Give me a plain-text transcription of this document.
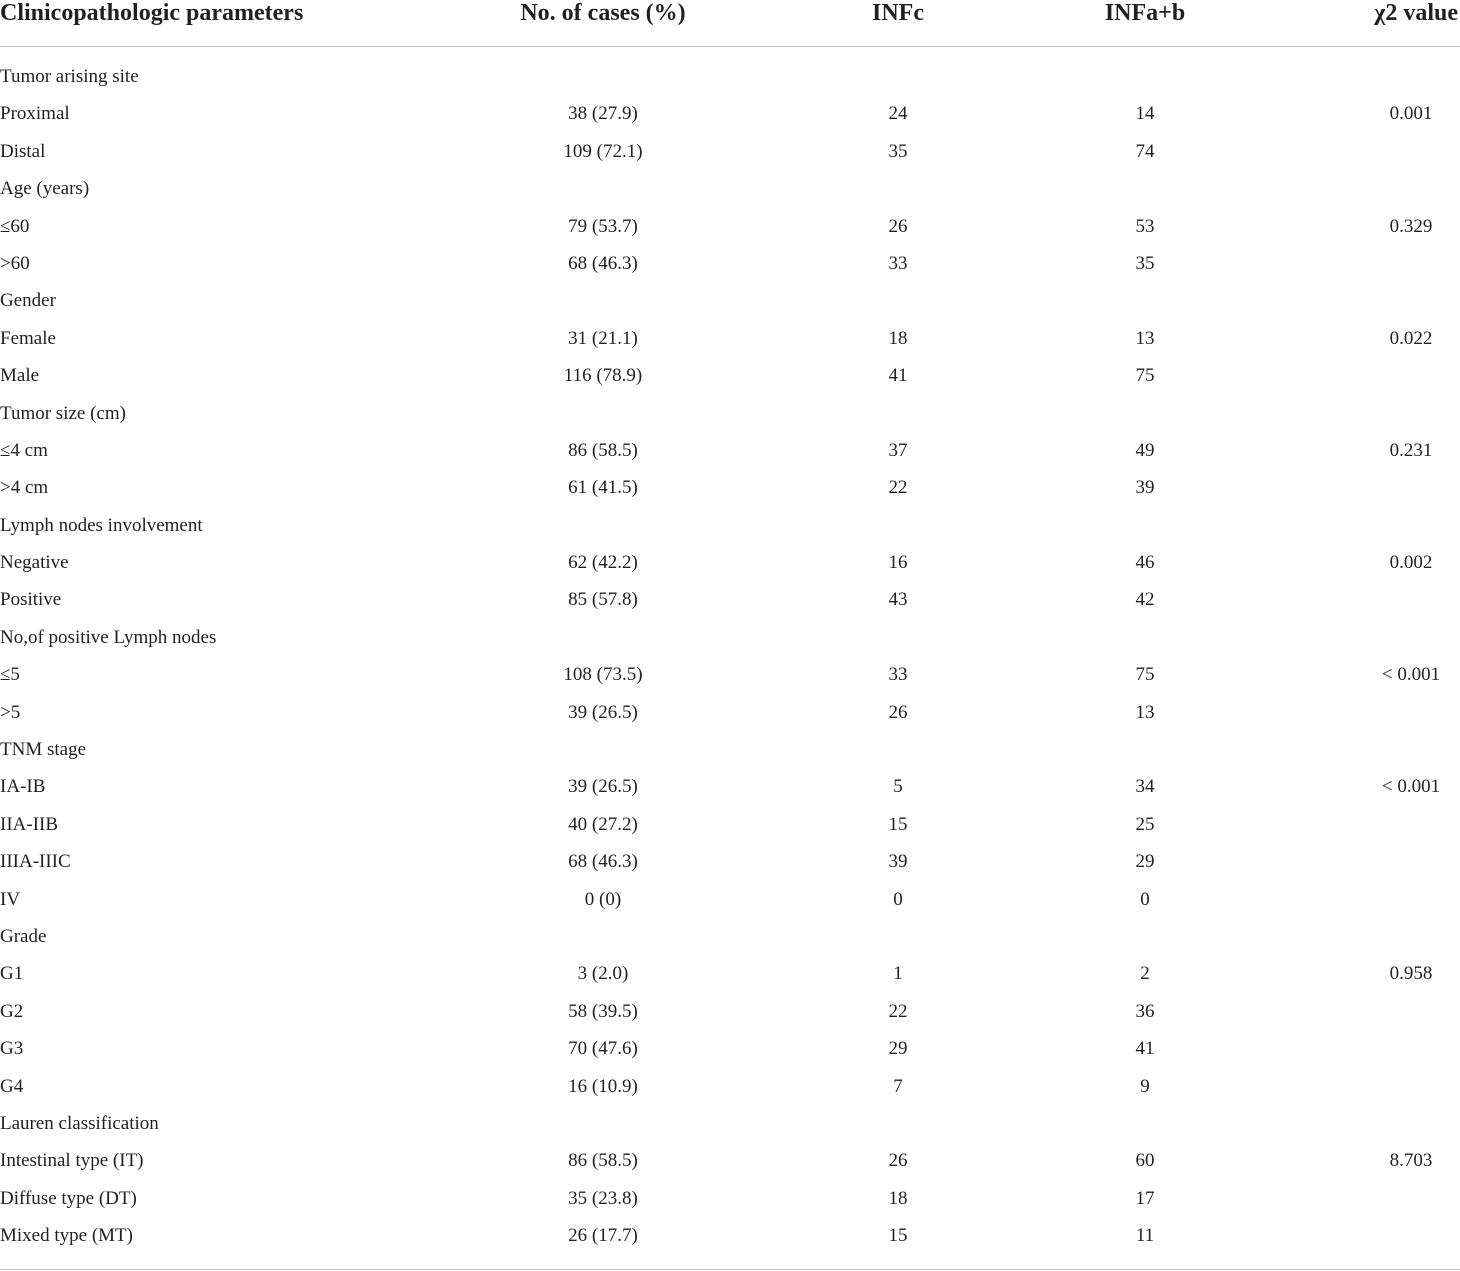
Clinicopathologic parameters	No. of cases (%)	INFc	INFa+b	χ2 value
Tumor arising site
Proximal	38 (27.9)	24	14	0.001
Distal	109 (72.1)	35	74
Age (years)
≤60	79 (53.7)	26	53	0.329
>60	68 (46.3)	33	35
Gender
Female	31 (21.1)	18	13	0.022
Male	116 (78.9)	41	75
Tumor size (cm)
≤4 cm	86 (58.5)	37	49	0.231
>4 cm	61 (41.5)	22	39
Lymph nodes involvement
Negative	62 (42.2)	16	46	0.002
Positive	85 (57.8)	43	42
No,of positive Lymph nodes
≤5	108 (73.5)	33	75	< 0.001
>5	39 (26.5)	26	13
TNM stage
IA-IB	39 (26.5)	5	34	< 0.001
IIA-IIB	40 (27.2)	15	25
IIIA-IIIC	68 (46.3)	39	29
IV	0 (0)	0	0
Grade
G1	3 (2.0)	1	2	0.958
G2	58 (39.5)	22	36
G3	70 (47.6)	29	41
G4	16 (10.9)	7	9
Lauren classification
Intestinal type (IT)	86 (58.5)	26	60	8.703
Diffuse type (DT)	35 (23.8)	18	17
Mixed type (MT)	26 (17.7)	15	11
